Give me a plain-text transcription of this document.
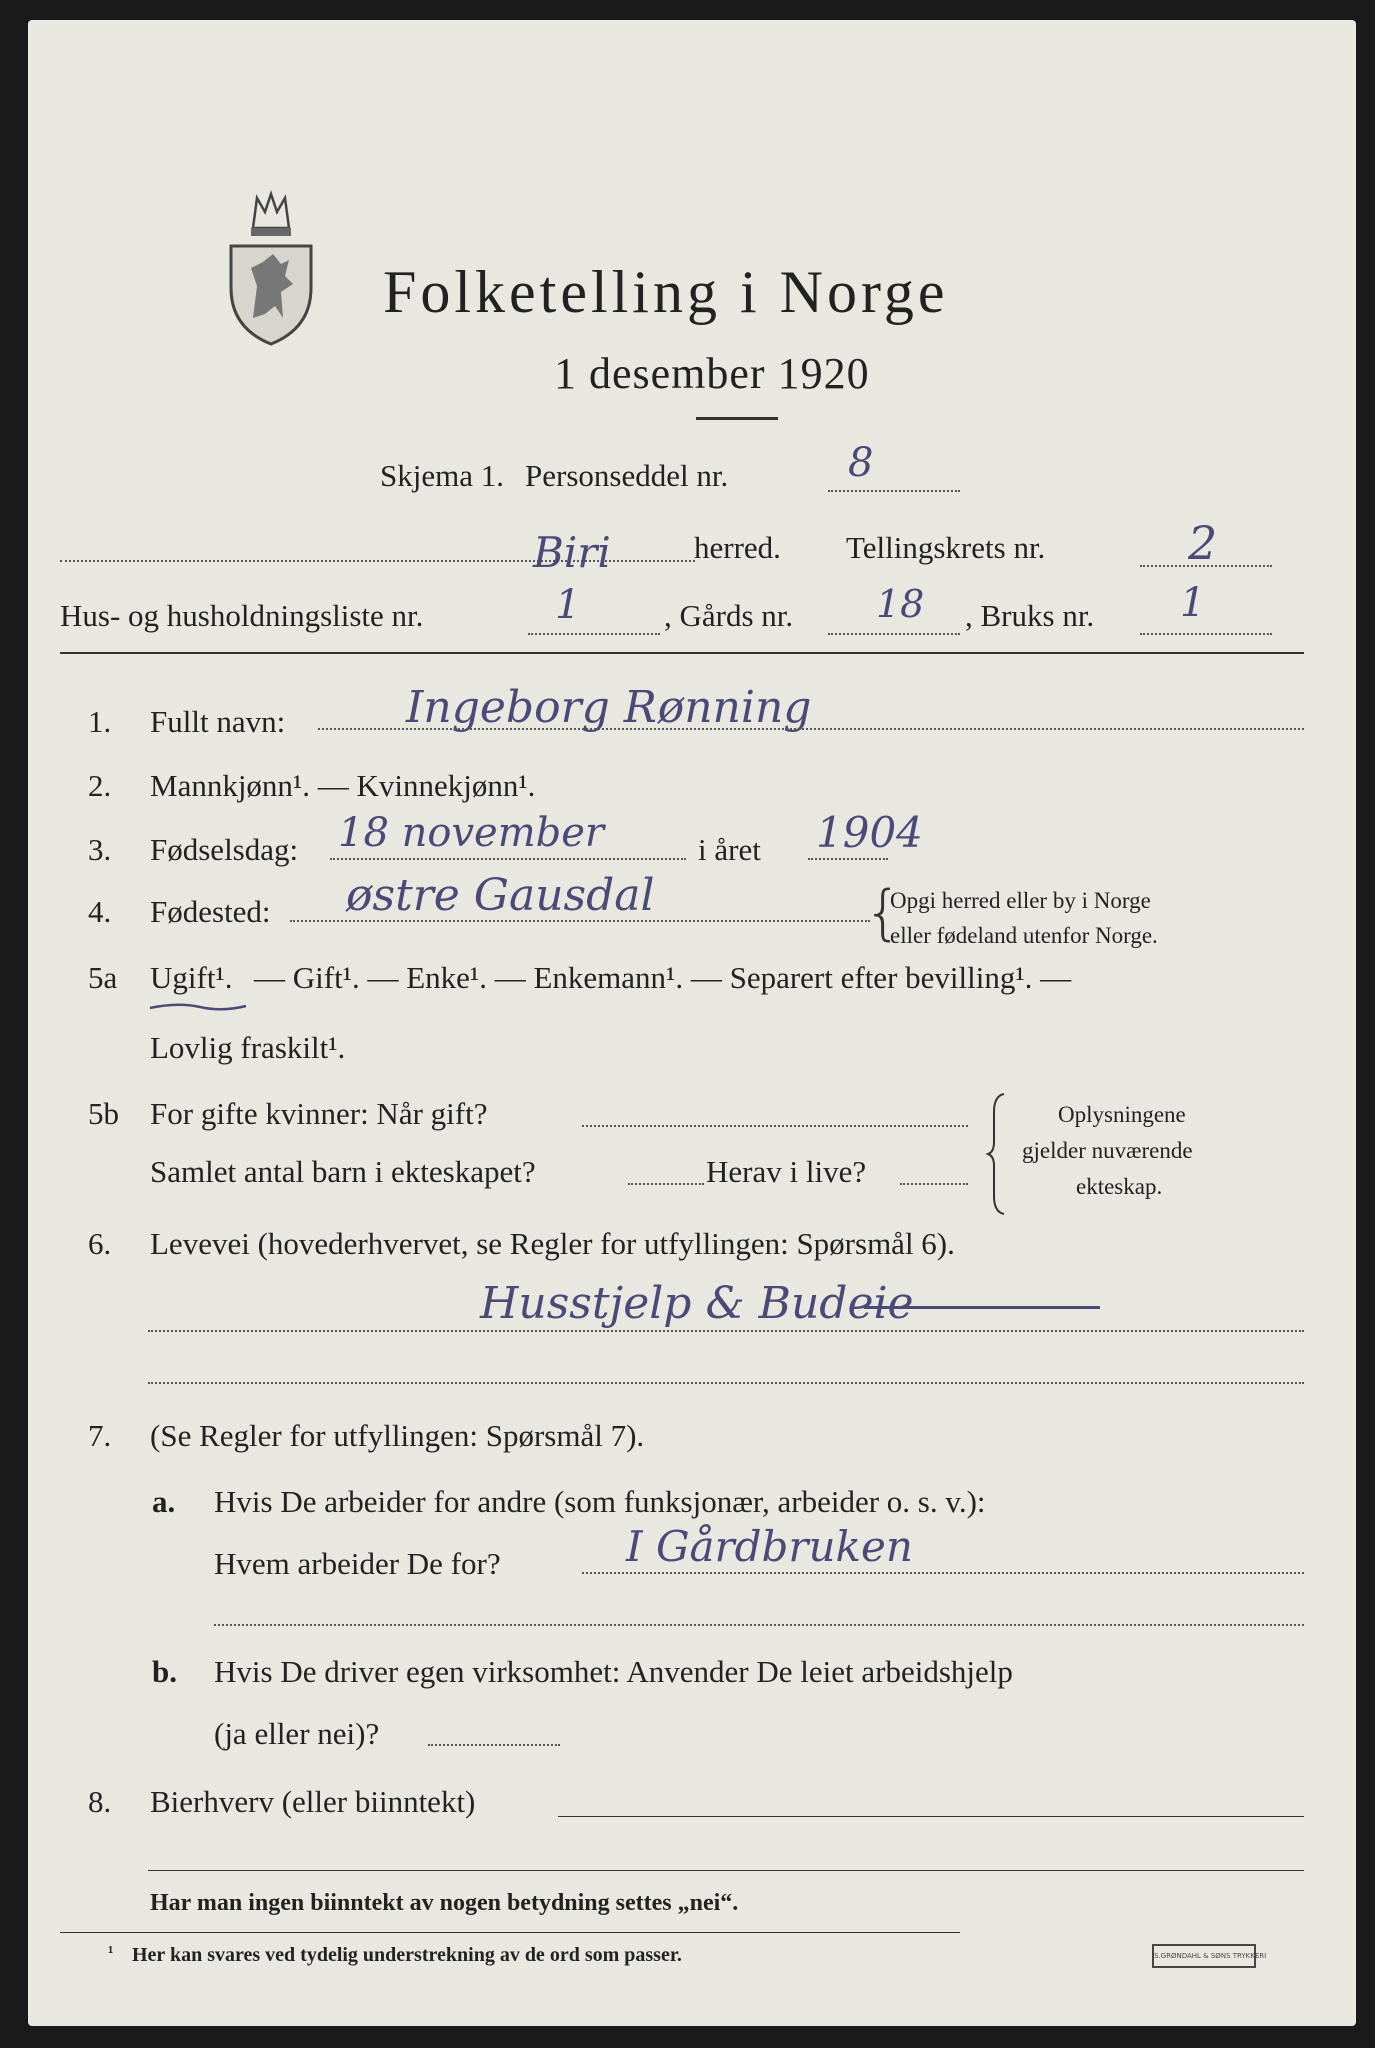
Folketelling i Norge
1 desember 1920
Skjema 1. Personseddel nr.	8
Biri	herred. Tellingskrets nr.	2
Hus- og husholdningsliste nr.	1	, Gårds nr. 18 , Bruks nr. 1
1. Fullt navn:	Ingeborg Rønning
2. Mannkjønn¹. — Kvinnekjønn¹.
3. Fødselsdag: 18 november	i året 1904
4. Fødested: østre Gausdal	{
Opgi herred eller by i Norge
eller fødeland utenfor Norge.
5a Ugift¹. — Gift¹. — Enke¹. — Enkemann¹. — Separert efter bevilling¹. —
Lovlig fraskilt¹.
5b For gifte kvinner: Når gift?
Samlet antal barn i ekteskapet?	Herav i live?
Oplysningene
gjelder nuværende
ekteskap.
6. Levevei (hovederhvervet, se Regler for utfyllingen: Spørsmål 6).
Husstjelp & Budeie
7. (Se Regler for utfyllingen: Spørsmål 7).
a. Hvis De arbeider for andre (som funksjonær, arbeider o. s. v.):
Hvem arbeider De for?	I Gårdbruken
b. Hvis De driver egen virksomhet: Anvender De leiet arbeidshjelp
(ja eller nei)?
8. Bierhverv (eller biinntekt)
Har man ingen biinntekt av nogen betydning settes „nei“.
¹ Her kan svares ved tydelig understrekning av de ord som passer.	S.GRØNDAHL & SØNS TRYKKERI
